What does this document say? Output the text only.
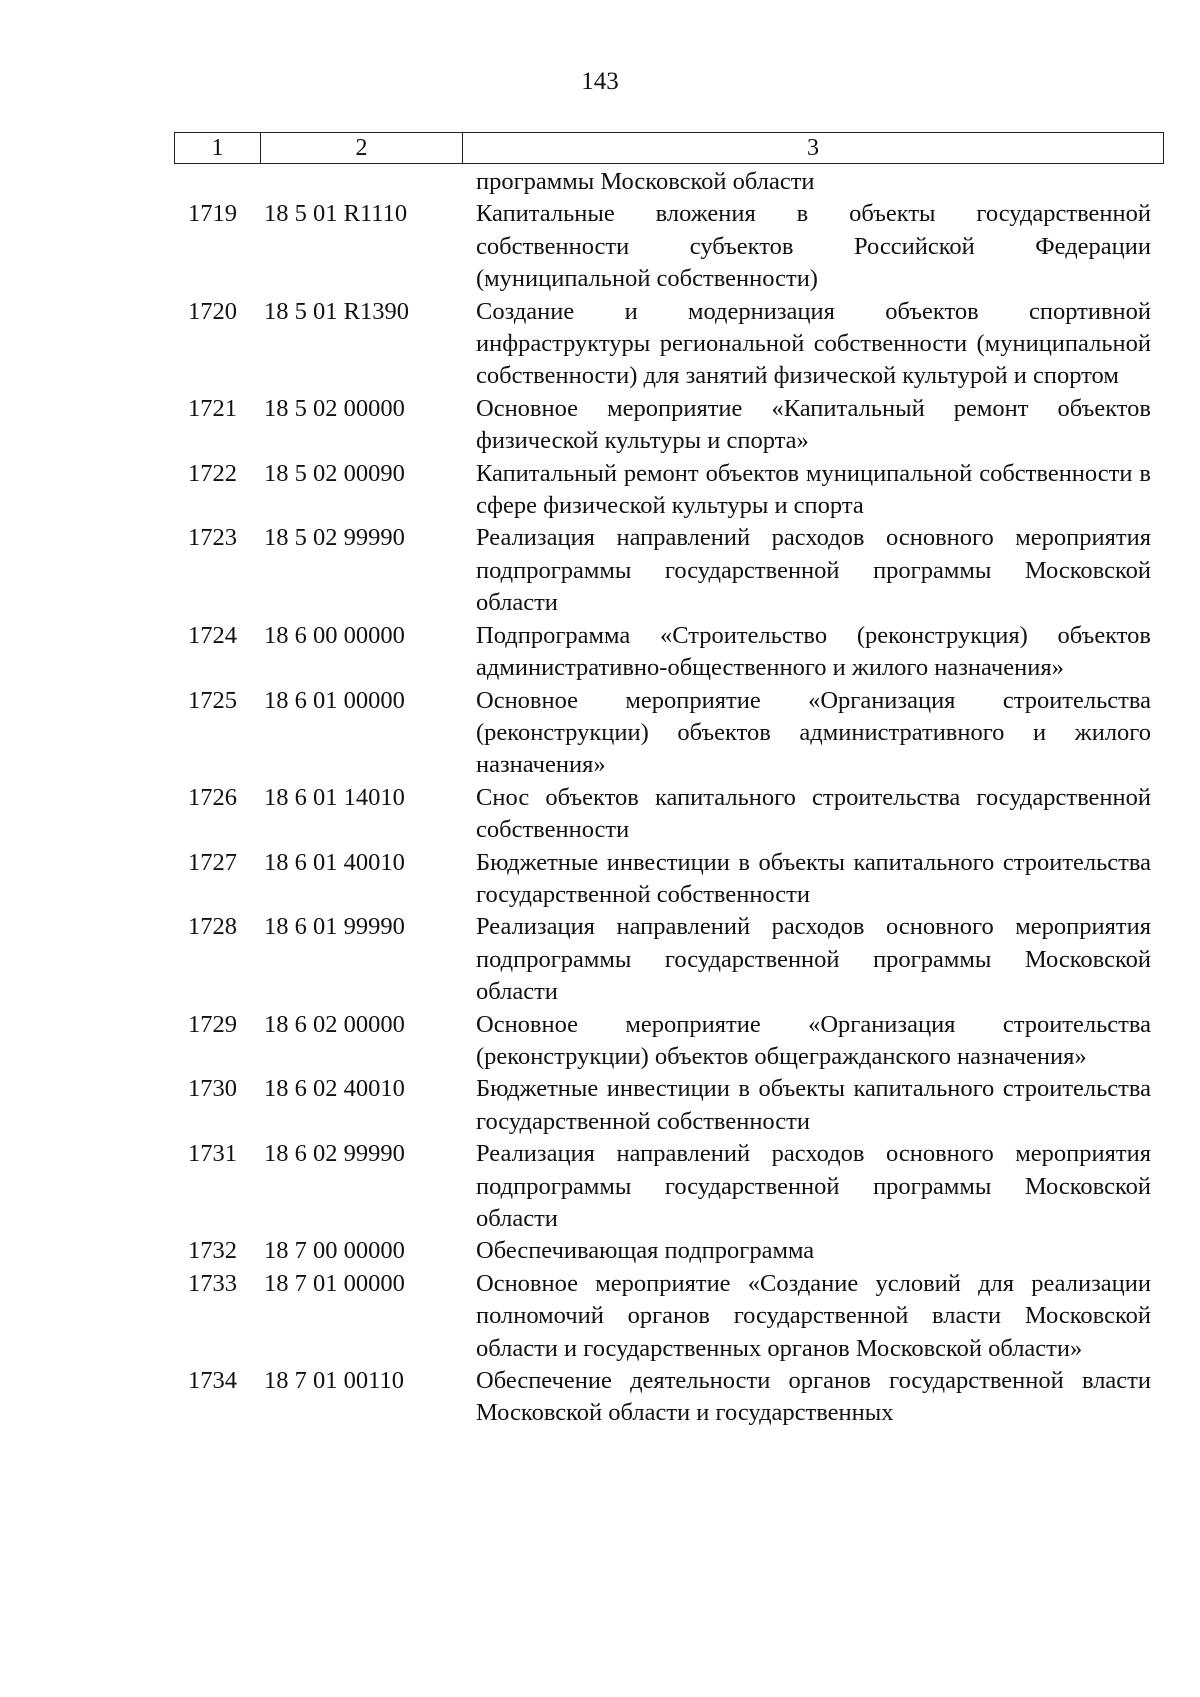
143
1	2	3
программы Московской области
1719	18 5 01 R1110	Капитальные вложения в объекты государственной собственности субъектов Российской Федерации (муниципальной собственности)
1720	18 5 01 R1390	Создание и модернизация объектов спортивной инфраструктуры региональной собственности (муниципальной собственности) для занятий физической культурой и спортом
1721	18 5 02 00000	Основное мероприятие «Капитальный ремонт объектов физической культуры и спорта»
1722	18 5 02 00090	Капитальный ремонт объектов муниципальной собственности в сфере физической культуры и спорта
1723	18 5 02 99990	Реализация направлений расходов основного мероприятия подпрограммы государственной программы Московской области
1724	18 6 00 00000	Подпрограмма «Строительство (реконструкция) объектов административно-общественного и жилого назначения»
1725	18 6 01 00000	Основное мероприятие «Организация строительства (реконструкции) объектов административного и жилого назначения»
1726	18 6 01 14010	Снос объектов капитального строительства государственной собственности
1727	18 6 01 40010	Бюджетные инвестиции в объекты капитального строительства государственной собственности
1728	18 6 01 99990	Реализация направлений расходов основного мероприятия подпрограммы государственной программы Московской области
1729	18 6 02 00000	Основное мероприятие «Организация строительства (реконструкции) объектов общегражданского назначения»
1730	18 6 02 40010	Бюджетные инвестиции в объекты капитального строительства государственной собственности
1731	18 6 02 99990	Реализация направлений расходов основного мероприятия подпрограммы государственной программы Московской области
1732	18 7 00 00000	Обеспечивающая подпрограмма
1733	18 7 01 00000	Основное мероприятие «Создание условий для реализации полномочий органов государственной власти Московской области и государственных органов Московской области»
1734	18 7 01 00110	Обеспечение деятельности органов государственной власти Московской области и государственных
